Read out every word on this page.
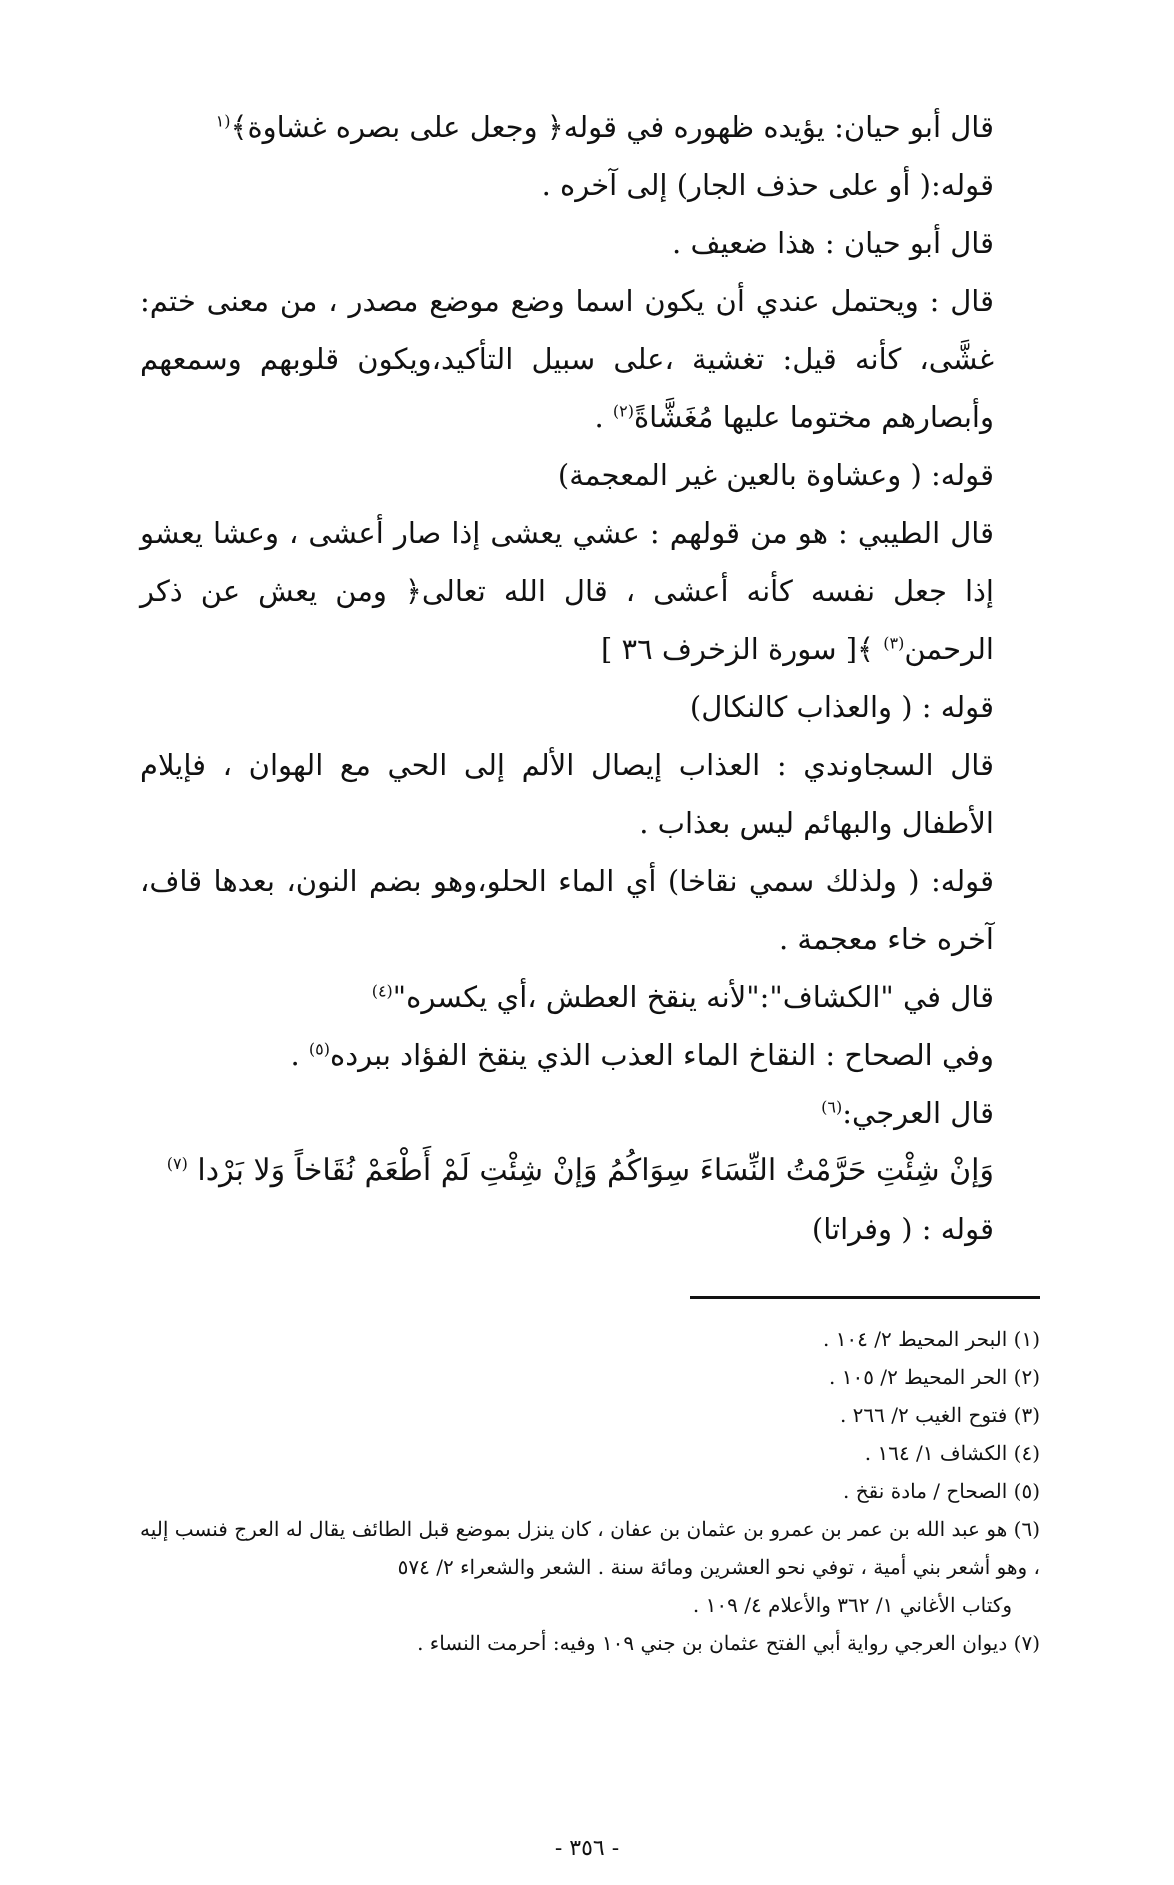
قال أبو حيان: يؤيده ظهوره في قوله﴿ وجعل على بصره غشاوة﴾$^{(١}$

قوله:( أو على حذف الجار) إلى آخره .

قال أبو حيان : هذا ضعيف .

قال : ويحتمل عندي أن يكون اسما وضع موضع مصدر ، من معنى ختم: غشَّى، كأنه قيل: تغشية ،على سبيل التأكيد،ويكون قلوبهم وسمعهم وأبصارهم مختوما عليها مُغَشَّاةً$^{(٢)}$ .

قوله: ( وعشاوة بالعين غير المعجمة)

قال الطيبي : هو من قولهم : عشي يعشى إذا صار أعشى ، وعشا يعشو إذا جعل نفسه كأنه أعشى ، قال الله تعالى﴿ ومن يعش عن ذكر الرحمن$^{(٣)}$ ﴾[ سورة الزخرف ٣٦ ]

قوله : ( والعذاب كالنكال)

قال السجاوندي : العذاب إيصال الألم إلى الحي مع الهوان ، فإيلام الأطفال والبهائم ليس بعذاب .

قوله: ( ولذلك سمي نقاخا) أي الماء الحلو،وهو بضم النون، بعدها قاف، آخره خاء معجمة .

قال في "الكشاف":"لأنه ينقخ العطش ،أي يكسره"$^{(٤)}$

وفي الصحاح : النقاخ الماء العذب الذي ينقخ الفؤاد ببرده$^{(٥)}$ .

قال العرجي:$^{(٦)}$

وَإنْ شِئْتِ حَرَّمْتُ النِّسَاءَ سِوَاكُمُ وَإنْ شِئْتِ لَمْ أَطْعَمْ نُقَاخاً وَلا بَرْدا $^{(٧)}$

قوله : ( وفراتا)

(١) البحر المحيط ٢/ ١٠٤ .

(٢) الحر المحيط ٢/ ١٠٥ .

(٣) فتوح الغيب ٢/ ٢٦٦ .

(٤) الكشاف ١/ ١٦٤ .

(٥) الصحاح / مادة نقخ .

(٦) هو عبد الله بن عمر بن عمرو بن عثمان بن عفان ، كان ينزل بموضع قبل الطائف يقال له العرج فنسب إليه ، وهو أشعر بني أمية ، توفي نحو العشرين ومائة سنة . الشعر والشعراء ٢/ ٥٧٤

وكتاب الأغاني ١/ ٣٦٢ والأعلام ٤/ ١٠٩ .

(٧) ديوان العرجي رواية أبي الفتح عثمان بن جني ١٠٩ وفيه: أحرمت النساء .

- ٣٥٦ -
